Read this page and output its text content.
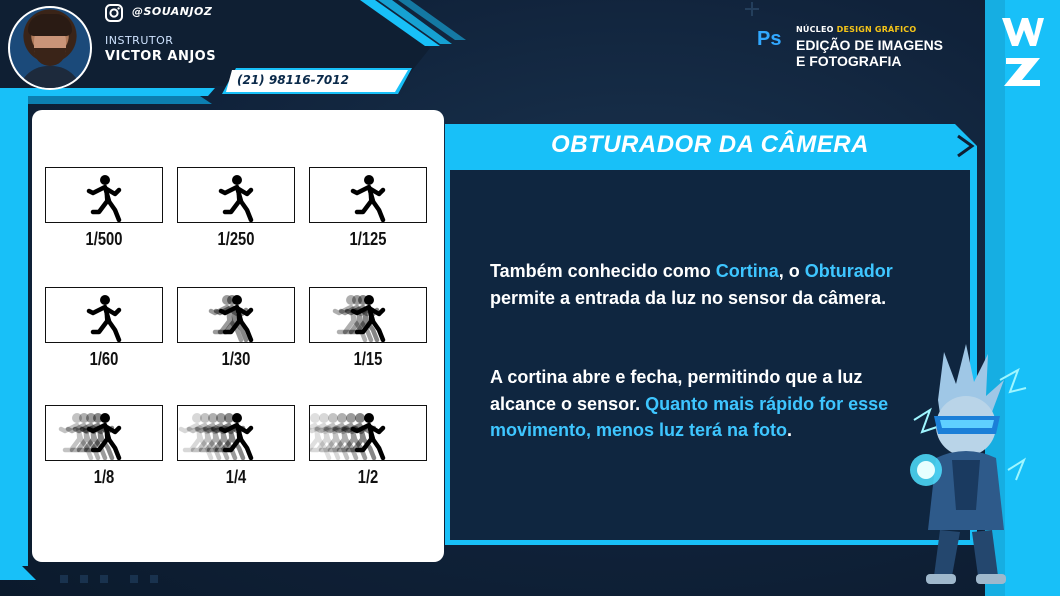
@SOUANJOZ
INSTRUTOR
VICTOR ANJOS
(21) 98116-7012
Ps	NÚCLEO DESIGN GRÁFICO
EDIÇÃO DE IMAGENS
E FOTOGRAFIA
1/500	1/250	1/125
1/60	1/30	1/15
1/8	1/4	1/2
OBTURADOR DA CÂMERA
Também conhecido como Cortina, o Obturador permite a entrada da luz no sensor da câmera.
A cortina abre e fecha, permitindo que a luz alcance o sensor. Quanto mais rápido for esse movimento, menos luz terá na foto.
